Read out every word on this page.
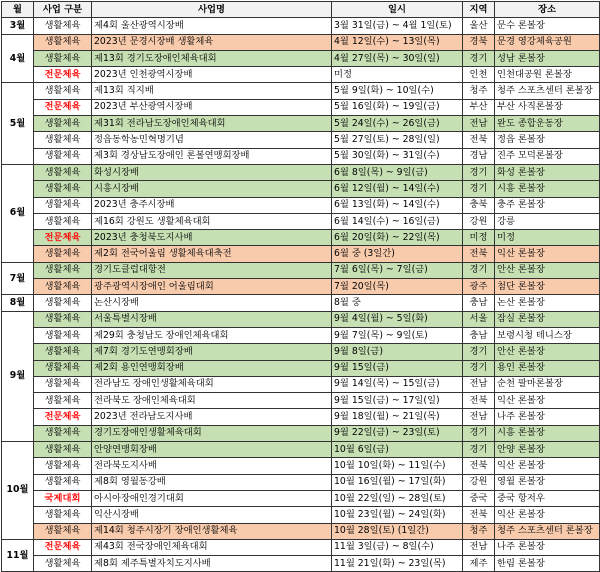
월	사업 구분	사업명	일시	지역	장소
3월	생활체육	제4회 울산광역시장배	3월 31일(금) ~ 4월 1일(토)	울산	문수 론볼장
4월	생활체육	2023년 문경시장배 생활체육	4월 12일(수) ~ 13일(목)	경북	문경 영강체육공원
	생활체육	제13회 경기도장애인체육대회	4월 27일(목) ~ 30일(일)	경기	성남 론볼장
	전문체육	2023년 인천광역시장배	미정	인천	인천대공원 론볼장
5월	생활체육	제13회 직지배	5월 9일(화) ~ 10일(수)	청주	청주 스포츠센터 론볼장
	전문체육	2023년 부산광역시장배	5월 16일(화) ~ 19일(금)	부산	부산 사직론볼장
	생활체육	제31회 전라남도장애인체육대회	5월 24일(수) ~ 26일(금)	전남	완도 종합운동장
	생활체육	정읍동학농민혁명기념	5월 27일(토) ~ 28일(일)	전북	정읍 론볼장
	생활체육	제3회 경상남도장애인 론볼연맹회장배	5월 30일(화) ~ 31일(수)	경남	진주 모덕론볼장
6월	생활체육	화성시장배	6월 8일(목) ~ 9일(금)	경기	화성 론볼장
	생활체육	시흥시장배	6월 12일(월) ~ 14일(수)	경기	시흥 론볼장
	생활체육	2023년 충주시장배	6월 13일(화) ~ 14일(수)	충북	충주 론볼장
	생활체육	제16회 강원도 생활체육대회	6월 14일(수) ~ 16일(금)	강원	강릉
	전문체육	2023년 충청북도지사배	6월 20일(화) ~ 22일(목)	미정	미정
	생활체육	제2회 전국어울림 생활체육대축전	6월 중 (3일간)	전북	익산 론볼장
7월	생활체육	경기도클럽대항전	7월 6일(목) ~ 7일(금)	경기	안산 론볼장
	생활체육	광주광역시장애인 어울림대회	7월 20일(목)	광주	첨단 론볼장
8월	생활체육	논산시장배	8월 중	충남	논산 론볼장
9월	생활체육	서울특별시장배	9월 4일(월) ~ 5일(화)	서울	잠실 론볼장
	생활체육	제29회 충청남도 장애인체육대회	9월 7일(목) ~ 9일(토)	충남	보령시청 테니스장
	생활체육	제7회 경기도연맹회장배	9월 8일(금)	경기	안산 론볼장
	생활체육	제2회 용인연맹회장배	9월 15일(금)	경기	용인 론볼장
	생활체육	전라남도 장애인생활체육대회	9월 14일(목) ~ 15일(금)	전남	순천 팔마론볼장
	생활체육	전라북도 장애인체육대회	9월 15일(금) ~ 17일(일)	전북	익산 론볼장
	전문체육	2023년 전라남도지사배	9월 18일(월) ~ 21일(목)	전남	나주 론볼장
	생활체육	경기도장애인생활체육대회	9월 22일(금) ~ 23일(토)	경기	시흥 론볼장
10월	생활체육	안양연맹회장배	10월 6일(금)	경기	안양 론볼장
	생활체육	전라북도지사배	10월 10일(화) ~ 11일(수)	전북	익산 론볼장
	생활체육	제8회 영월동강배	10월 16일(월) ~ 17일(화)	강원	영월 론볼장
	국제대회	아시아장애인경기대회	10월 22일(일) ~ 28일(토)	중국	중국 항저우
	생활체육	익산시장배	10월 23일(월) ~ 24일(화)	전북	익산 론볼장
	생활체육	제14회 청주시장기 장애인생활체육	10월 28일(토) (1일간)	청주	청주 스포츠센터 론볼장
11월	전문체육	제43회 전국장애인체육대회	11월 3일(금) ~ 8일(수)	전남	나주 론볼장
	생활체육	제8회 제주특별자치도지사배	11월 21일(화) ~ 23일(목)	제주	한림 론볼장
